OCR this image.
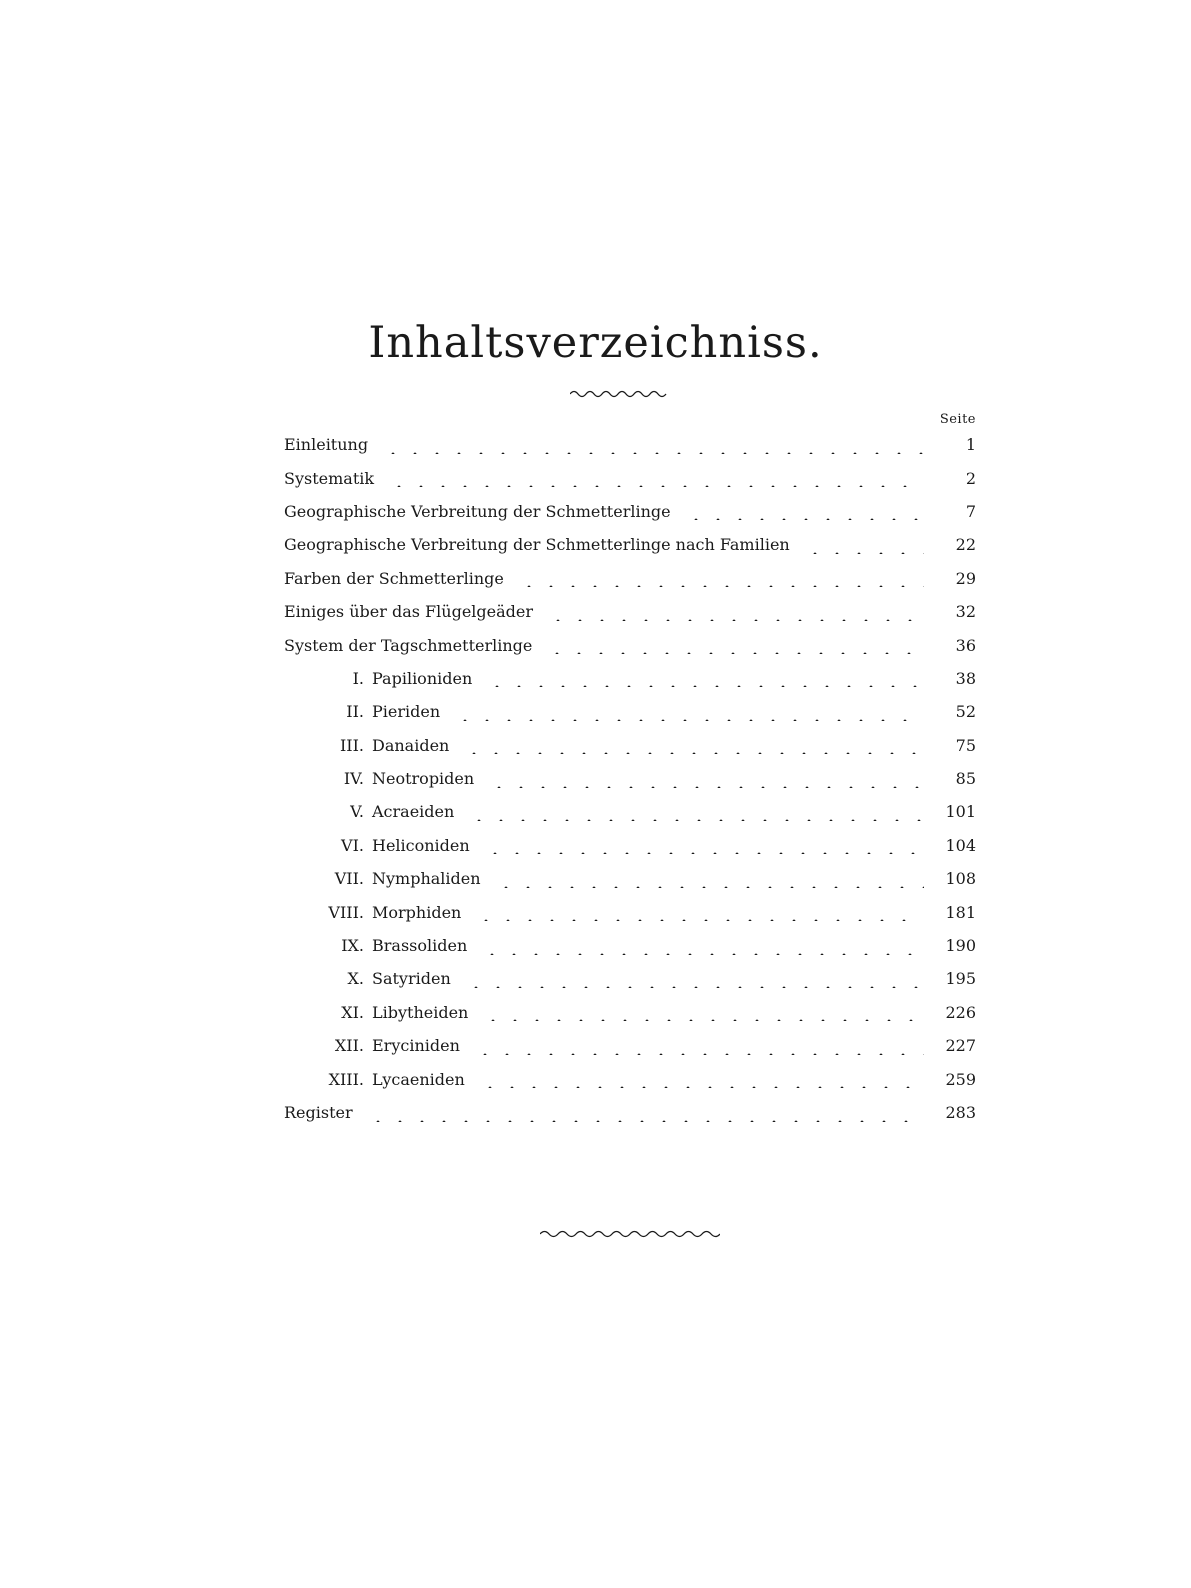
Inhaltsverzeichniss.
Seite
Einleitung	1
Systematik	2
Geographische Verbreitung der Schmetterlinge	7
Geographische Verbreitung der Schmetterlinge nach Familien	22
Farben der Schmetterlinge	29
Einiges über das Flügelgeäder	32
System der Tagschmetterlinge	36
I. Papilioniden	38
II. Pieriden	52
III. Danaiden	75
IV. Neotropiden	85
V. Acraeiden	101
VI. Heliconiden	104
VII. Nymphaliden	108
VIII. Morphiden	181
IX. Brassoliden	190
X. Satyriden	195
XI. Libytheiden	226
XII. Eryciniden	227
XIII. Lycaeniden	259
Register	283
